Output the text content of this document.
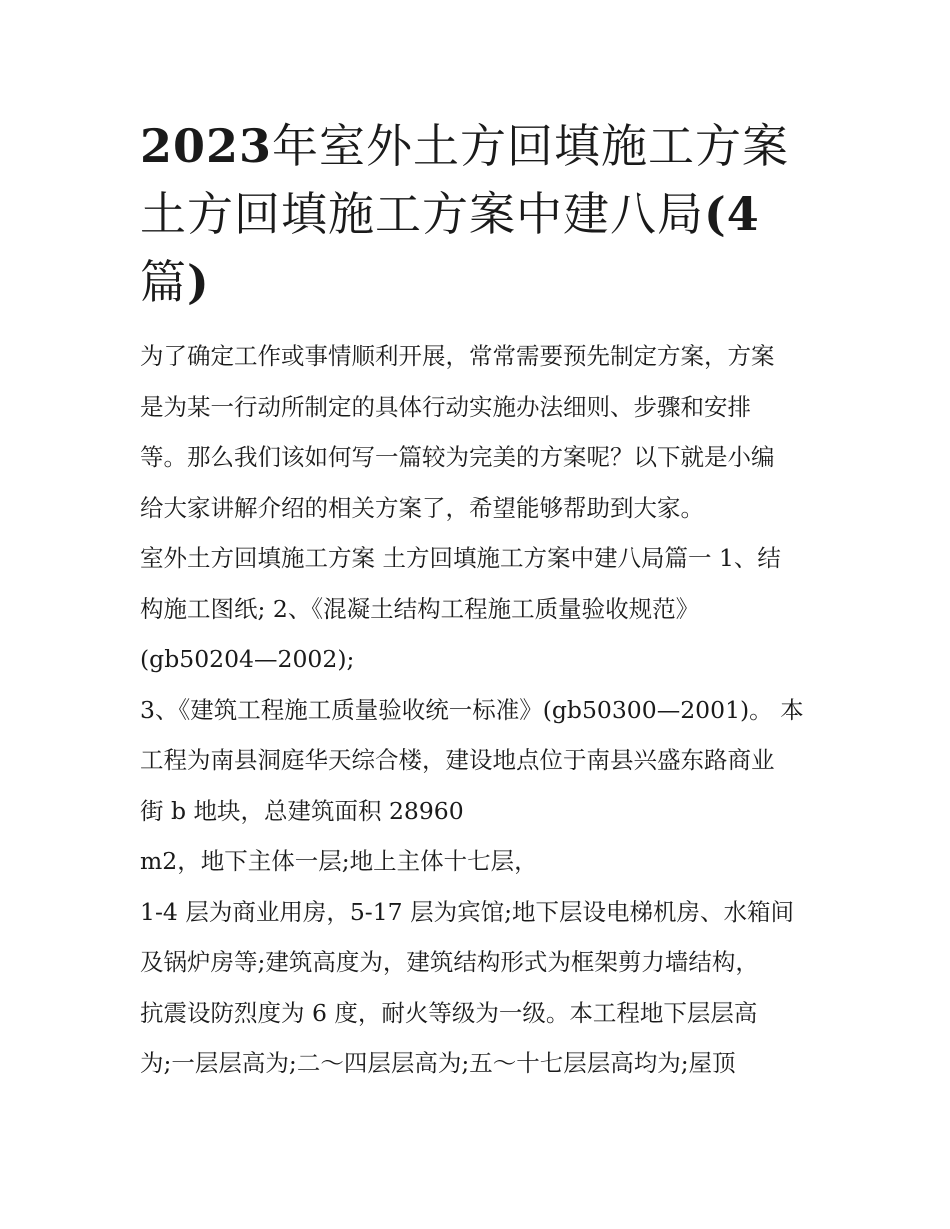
2023年室外土方回填施工方案
土方回填施工方案中建八局(4
篇)

为了确定工作或事情顺利开展，常常需要预先制定方案，方案
是为某一行动所制定的具体行动实施办法细则、步骤和安排
等。那么我们该如何写一篇较为完美的方案呢？以下就是小编
给大家讲解介绍的相关方案了，希望能够帮助到大家。

室外土方回填施工方案 土方回填施工方案中建八局篇一 1、结
构施工图纸; 2、《混凝土结构工程施工质量验收规范》
(gb50204—2002);

3、《建筑工程施工质量验收统一标准》(gb50300—2001)。 本
工程为南县洞庭华天综合楼，建设地点位于南县兴盛东路商业
街 b 地块，总建筑面积 28960

m2，地下主体一层;地上主体十七层，

1-4 层为商业用房，5-17 层为宾馆;地下层设电梯机房、水箱间
及锅炉房等;建筑高度为，建筑结构形式为框架剪力墙结构，
抗震设防烈度为 6 度，耐火等级为一级。本工程地下层层高
为;一层层高为;二～四层层高为;五～十七层层高均为;屋顶
